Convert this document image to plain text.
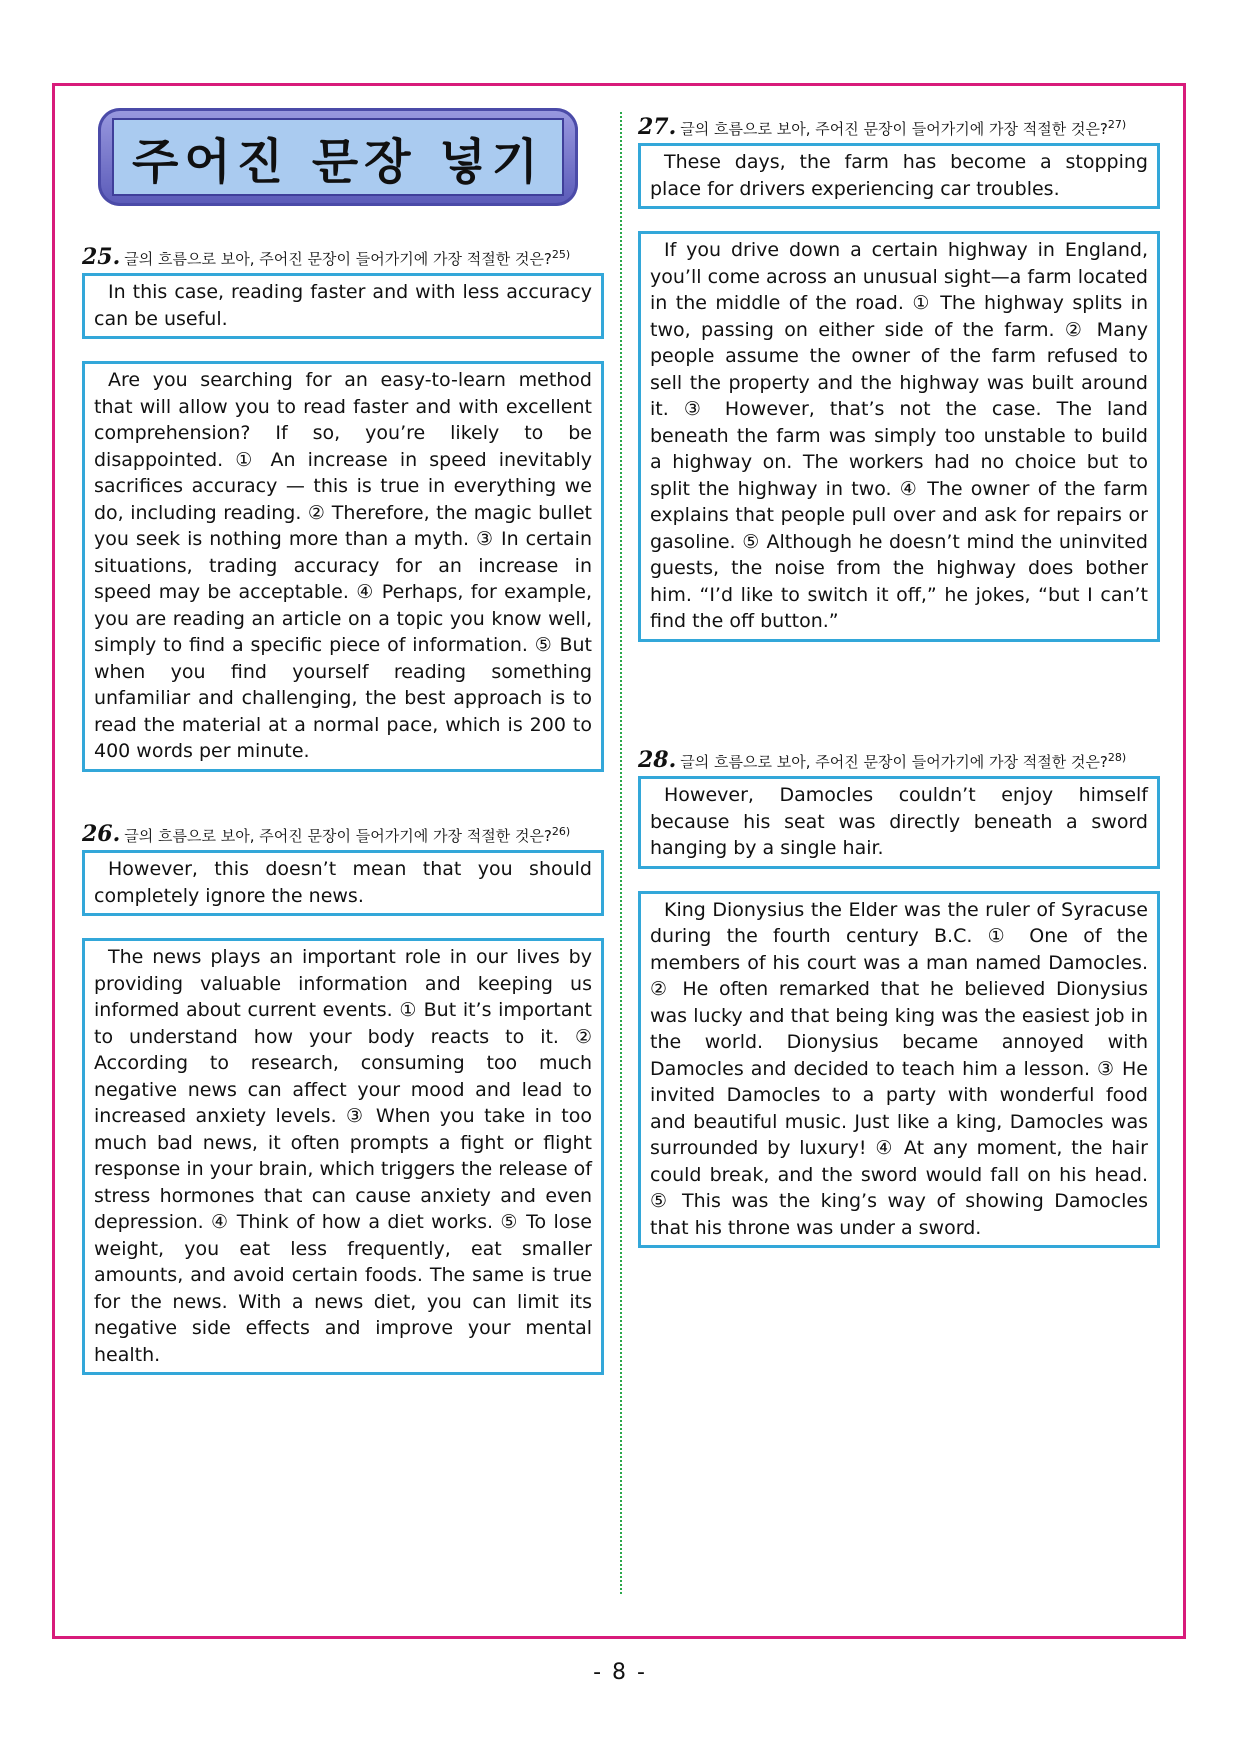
주어진 문장 넣기
25. 글의 흐름으로 보아, 주어진 문장이 들어가기에 가장 적절한 것은?$^{25)}$

In this case, reading faster and with less accuracy can be useful.

Are you searching for an easy-to-learn method that will allow you to read faster and with excellent comprehension? If so, you’re likely to be disappointed. ① An increase in speed inevitably sacrifices accuracy — this is true in everything we do, including reading. ② Therefore, the magic bullet you seek is nothing more than a myth. ③ In certain situations, trading accuracy for an increase in speed may be acceptable. ④ Perhaps, for example, you are reading an article on a topic you know well, simply to find a specific piece of information. ⑤ But when you find yourself reading something unfamiliar and challenging, the best approach is to read the material at a normal pace, which is 200 to 400 words per minute.

26. 글의 흐름으로 보아, 주어진 문장이 들어가기에 가장 적절한 것은?$^{26)}$

However, this doesn’t mean that you should completely ignore the news.

The news plays an important role in our lives by providing valuable information and keeping us informed about current events. ① But it’s important to understand how your body reacts to it. ② According to research, consuming too much negative news can affect your mood and lead to increased anxiety levels. ③ When you take in too much bad news, it often prompts a fight or flight response in your brain, which triggers the release of stress hormones that can cause anxiety and even depression. ④ Think of how a diet works. ⑤ To lose weight, you eat less frequently, eat smaller amounts, and avoid certain foods. The same is true for the news. With a news diet, you can limit its negative side effects and improve your mental health.

27. 글의 흐름으로 보아, 주어진 문장이 들어가기에 가장 적절한 것은?$^{27)}$

These days, the farm has become a stopping place for drivers experiencing car troubles.

If you drive down a certain highway in England, you’ll come across an unusual sight—a farm located in the middle of the road. ① The highway splits in two, passing on either side of the farm. ② Many people assume the owner of the farm refused to sell the property and the highway was built around it. ③ However, that’s not the case. The land beneath the farm was simply too unstable to build a highway on. The workers had no choice but to split the highway in two. ④ The owner of the farm explains that people pull over and ask for repairs or gasoline. ⑤ Although he doesn’t mind the uninvited guests, the noise from the highway does bother him. “I’d like to switch it off,” he jokes, “but I can’t find the off button.”

28. 글의 흐름으로 보아, 주어진 문장이 들어가기에 가장 적절한 것은?$^{28)}$

However, Damocles couldn’t enjoy himself because his seat was directly beneath a sword hanging by a single hair.

King Dionysius the Elder was the ruler of Syracuse during the fourth century B.C. ① One of the members of his court was a man named Damocles. ② He often remarked that he believed Dionysius was lucky and that being king was the easiest job in the world. Dionysius became annoyed with Damocles and decided to teach him a lesson. ③ He invited Damocles to a party with wonderful food and beautiful music. Just like a king, Damocles was surrounded by luxury! ④ At any moment, the hair could break, and the sword would fall on his head. ⑤ This was the king’s way of showing Damocles that his throne was under a sword.

- 8 -
